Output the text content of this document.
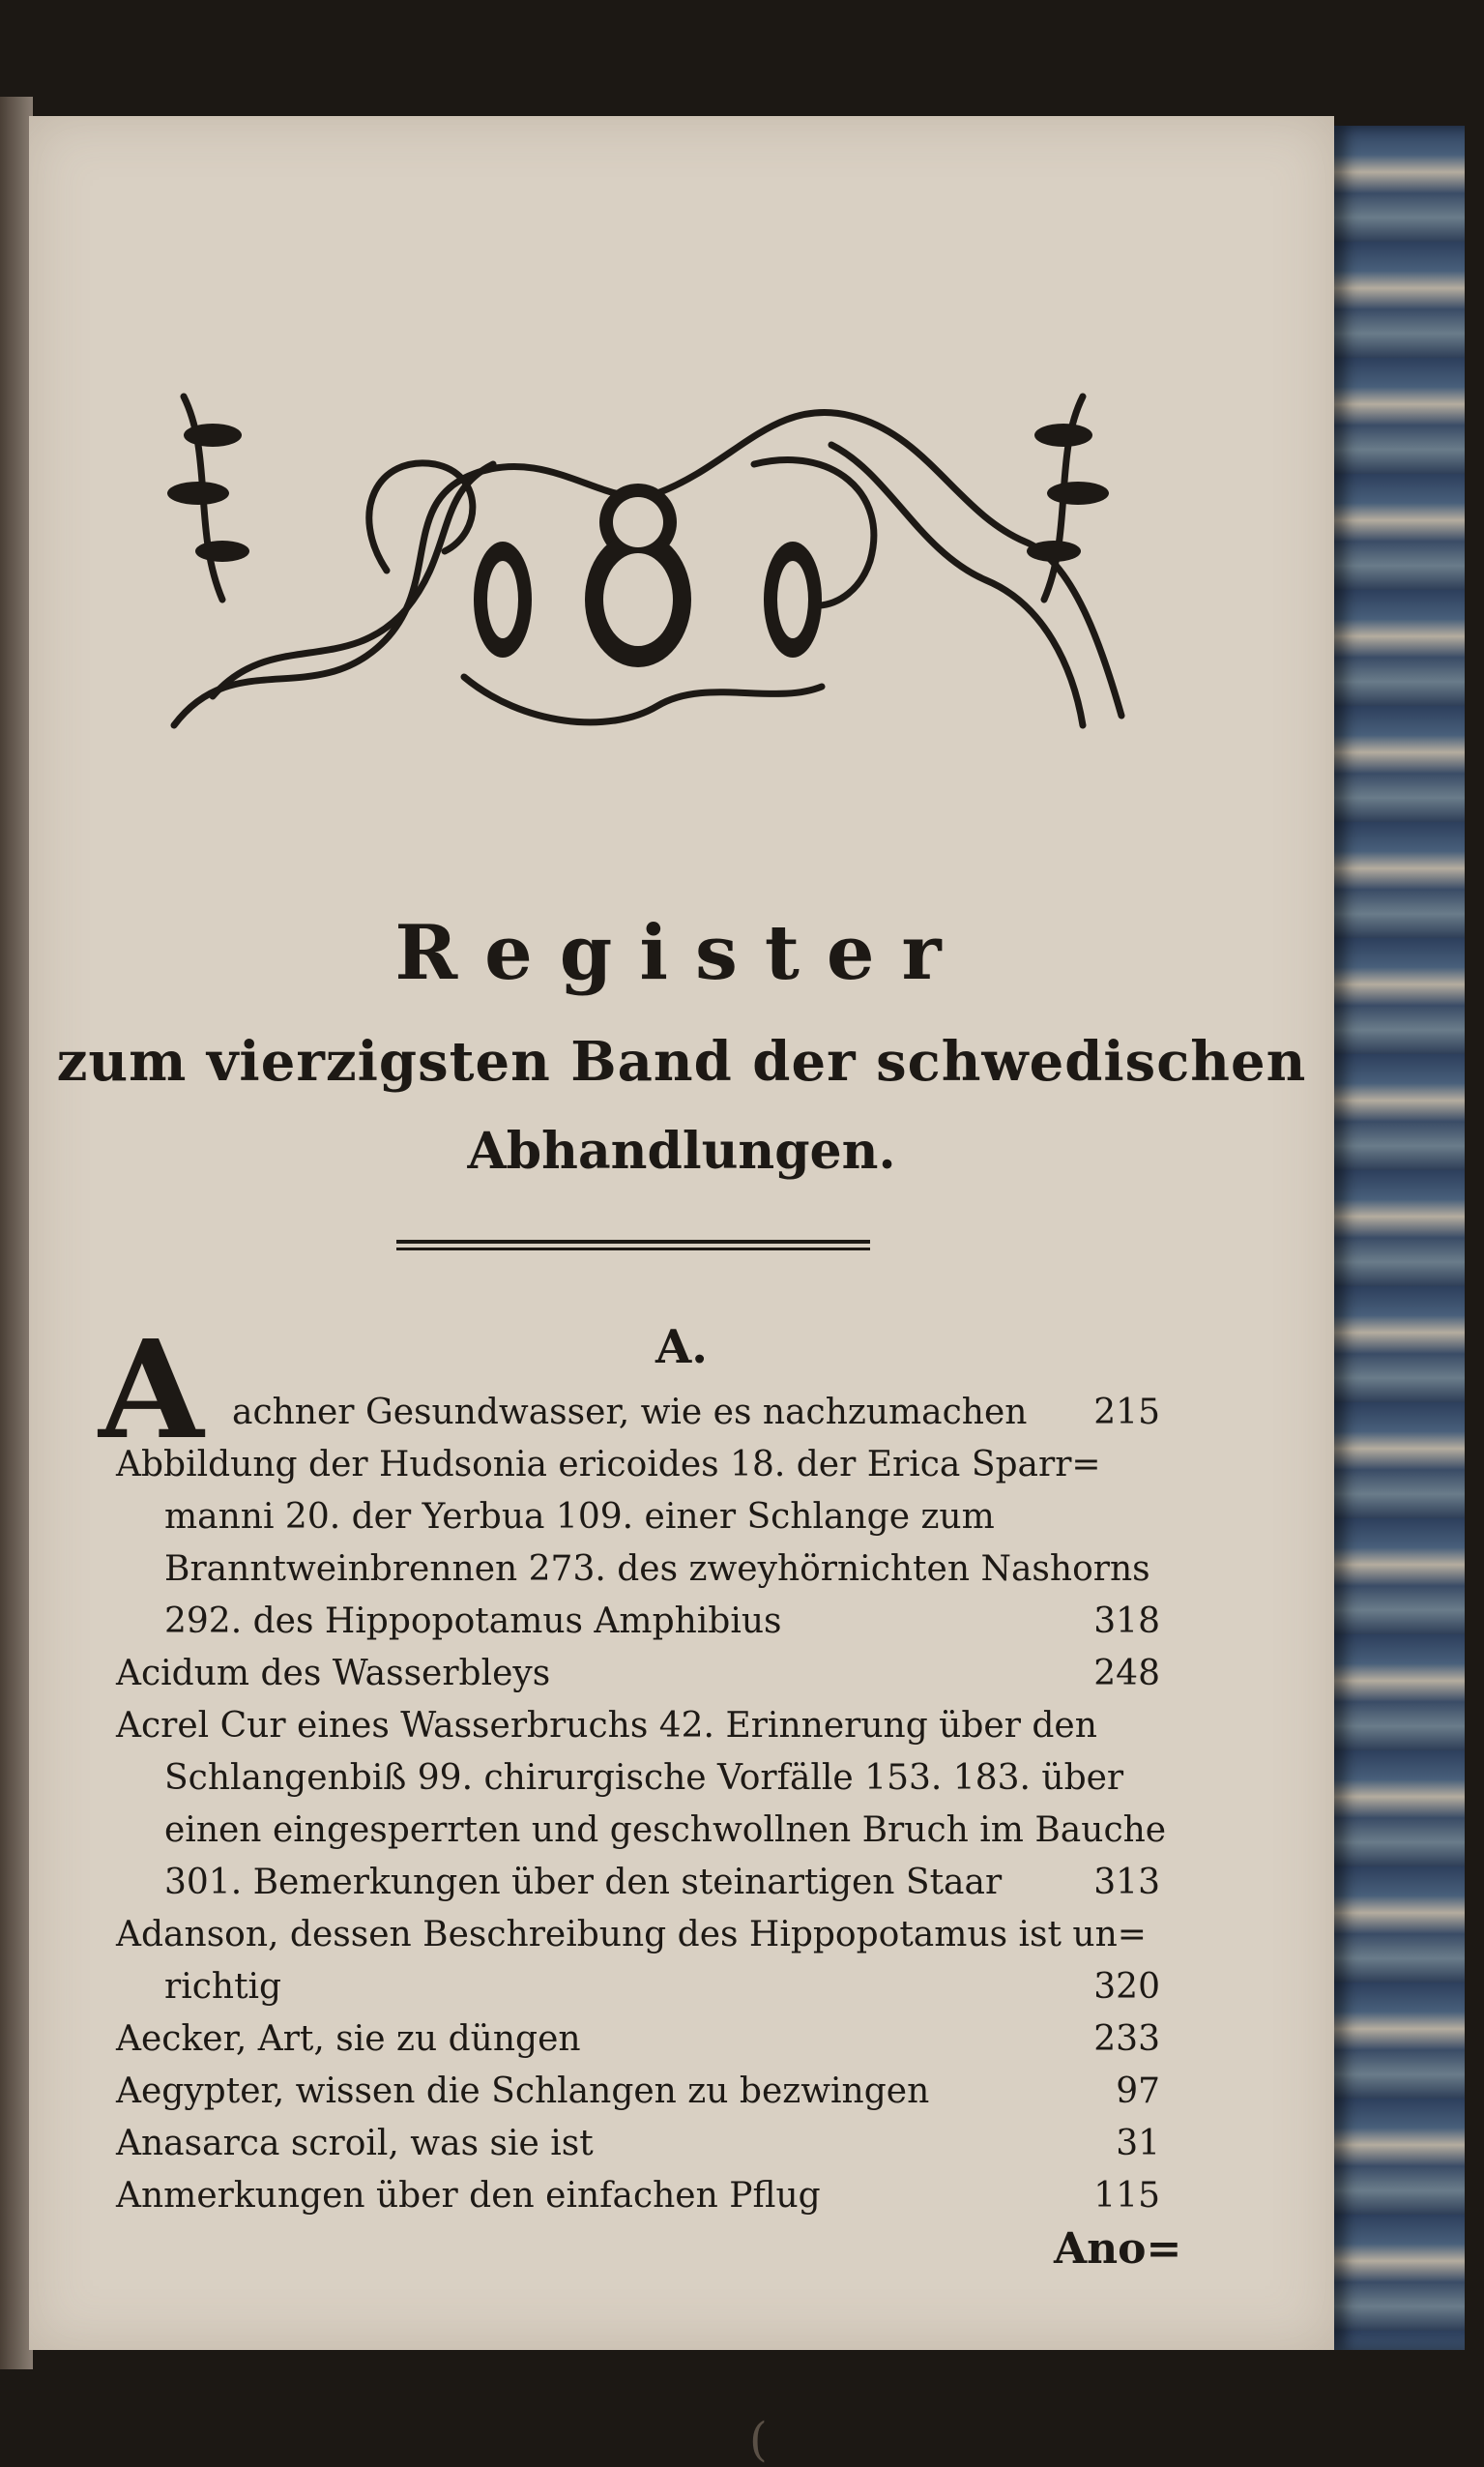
Register
zum vierzigsten Band der schwedischen
Abhandlungen.
A.
A achner Gesundwasser, wie es nachzumachen 215
Abbildung der Hudsonia ericoides 18. der Erica Sparr=
manni 20. der Yerbua 109. einer Schlange zum
Branntweinbrennen 273. des zweyhörnichten Nashorns
292. des Hippopotamus Amphibius	318
Acidum des Wasserbleys	248
Acrel Cur eines Wasserbruchs 42. Erinnerung über den
Schlangenbiß 99. chirurgische Vorfälle 153. 183. über
einen eingesperrten und geschwollnen Bruch im Bauche
301. Bemerkungen über den steinartigen Staar	313
Adanson, dessen Beschreibung des Hippopotamus ist un=
richtig	320
Aecker, Art, sie zu düngen	233
Aegypter, wissen die Schlangen zu bezwingen	97
Anasarca scroil, was sie ist	31
Anmerkungen über den einfachen Pflug	115
Ano=
(
